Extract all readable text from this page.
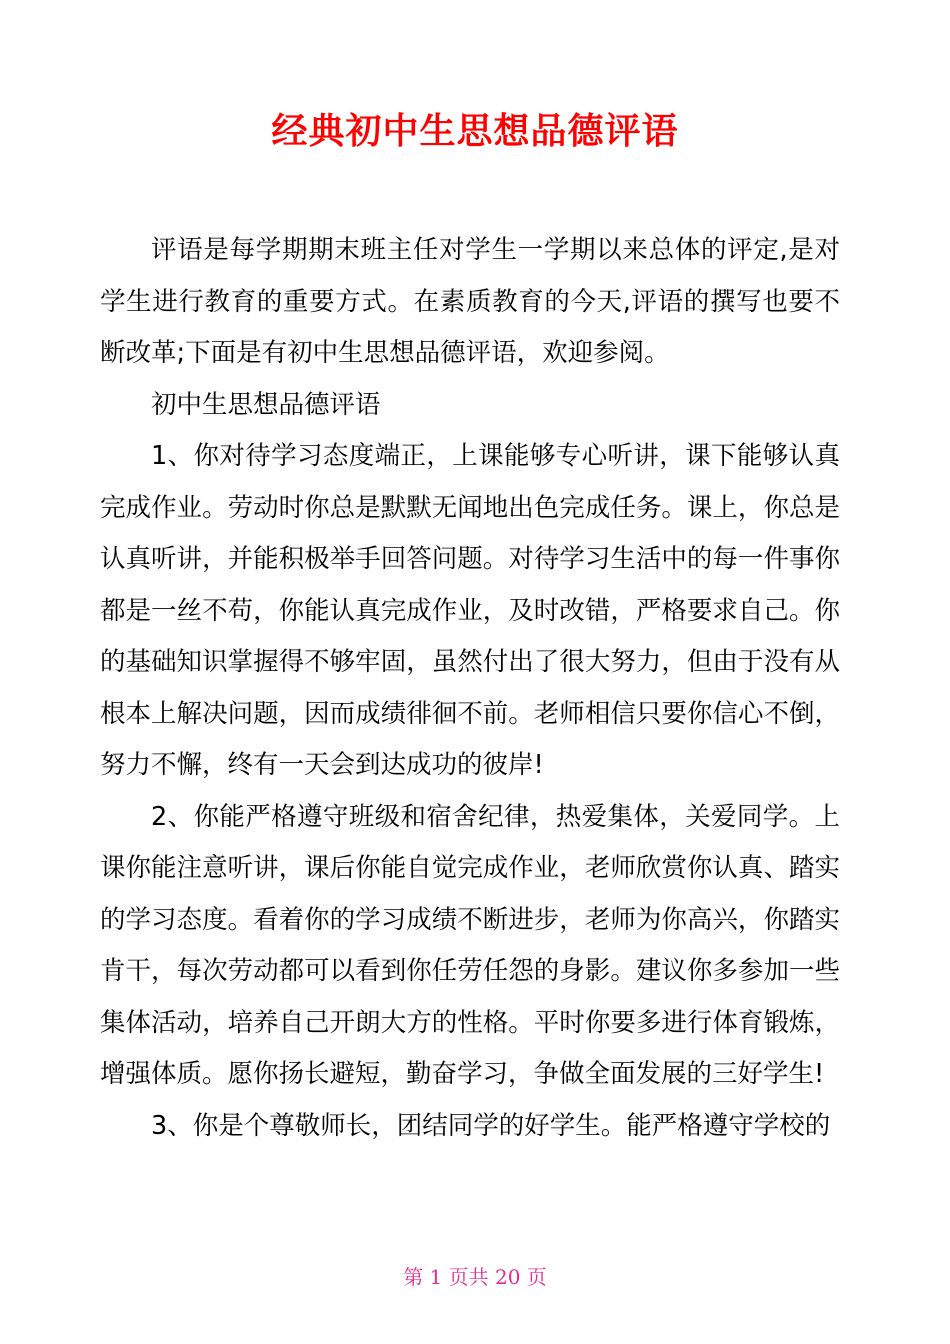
经典初中生思想品德评语

评语是每学期期末班主任对学生一学期以来总体的评定,是对学生进行教育的重要方式。在素质教育的今天,评语的撰写也要不断改革;下面是有初中生思想品德评语，欢迎参阅。

初中生思想品德评语

1、你对待学习态度端正，上课能够专心听讲，课下能够认真完成作业。劳动时你总是默默无闻地出色完成任务。课上，你总是认真听讲，并能积极举手回答问题。对待学习生活中的每一件事你都是一丝不苟，你能认真完成作业，及时改错，严格要求自己。你的基础知识掌握得不够牢固，虽然付出了很大努力，但由于没有从根本上解决问题，因而成绩徘徊不前。老师相信只要你信心不倒，努力不懈，终有一天会到达成功的彼岸!

2、你能严格遵守班级和宿舍纪律，热爱集体，关爱同学。上课你能注意听讲，课后你能自觉完成作业，老师欣赏你认真、踏实的学习态度。看着你的学习成绩不断进步，老师为你高兴，你踏实肯干，每次劳动都可以看到你任劳任怨的身影。建议你多参加一些集体活动，培养自己开朗大方的性格。平时你要多进行体育锻炼，增强体质。愿你扬长避短，勤奋学习，争做全面发展的三好学生!

3、你是个尊敬师长，团结同学的好学生。能严格遵守学校的

第 1 页共 20 页
